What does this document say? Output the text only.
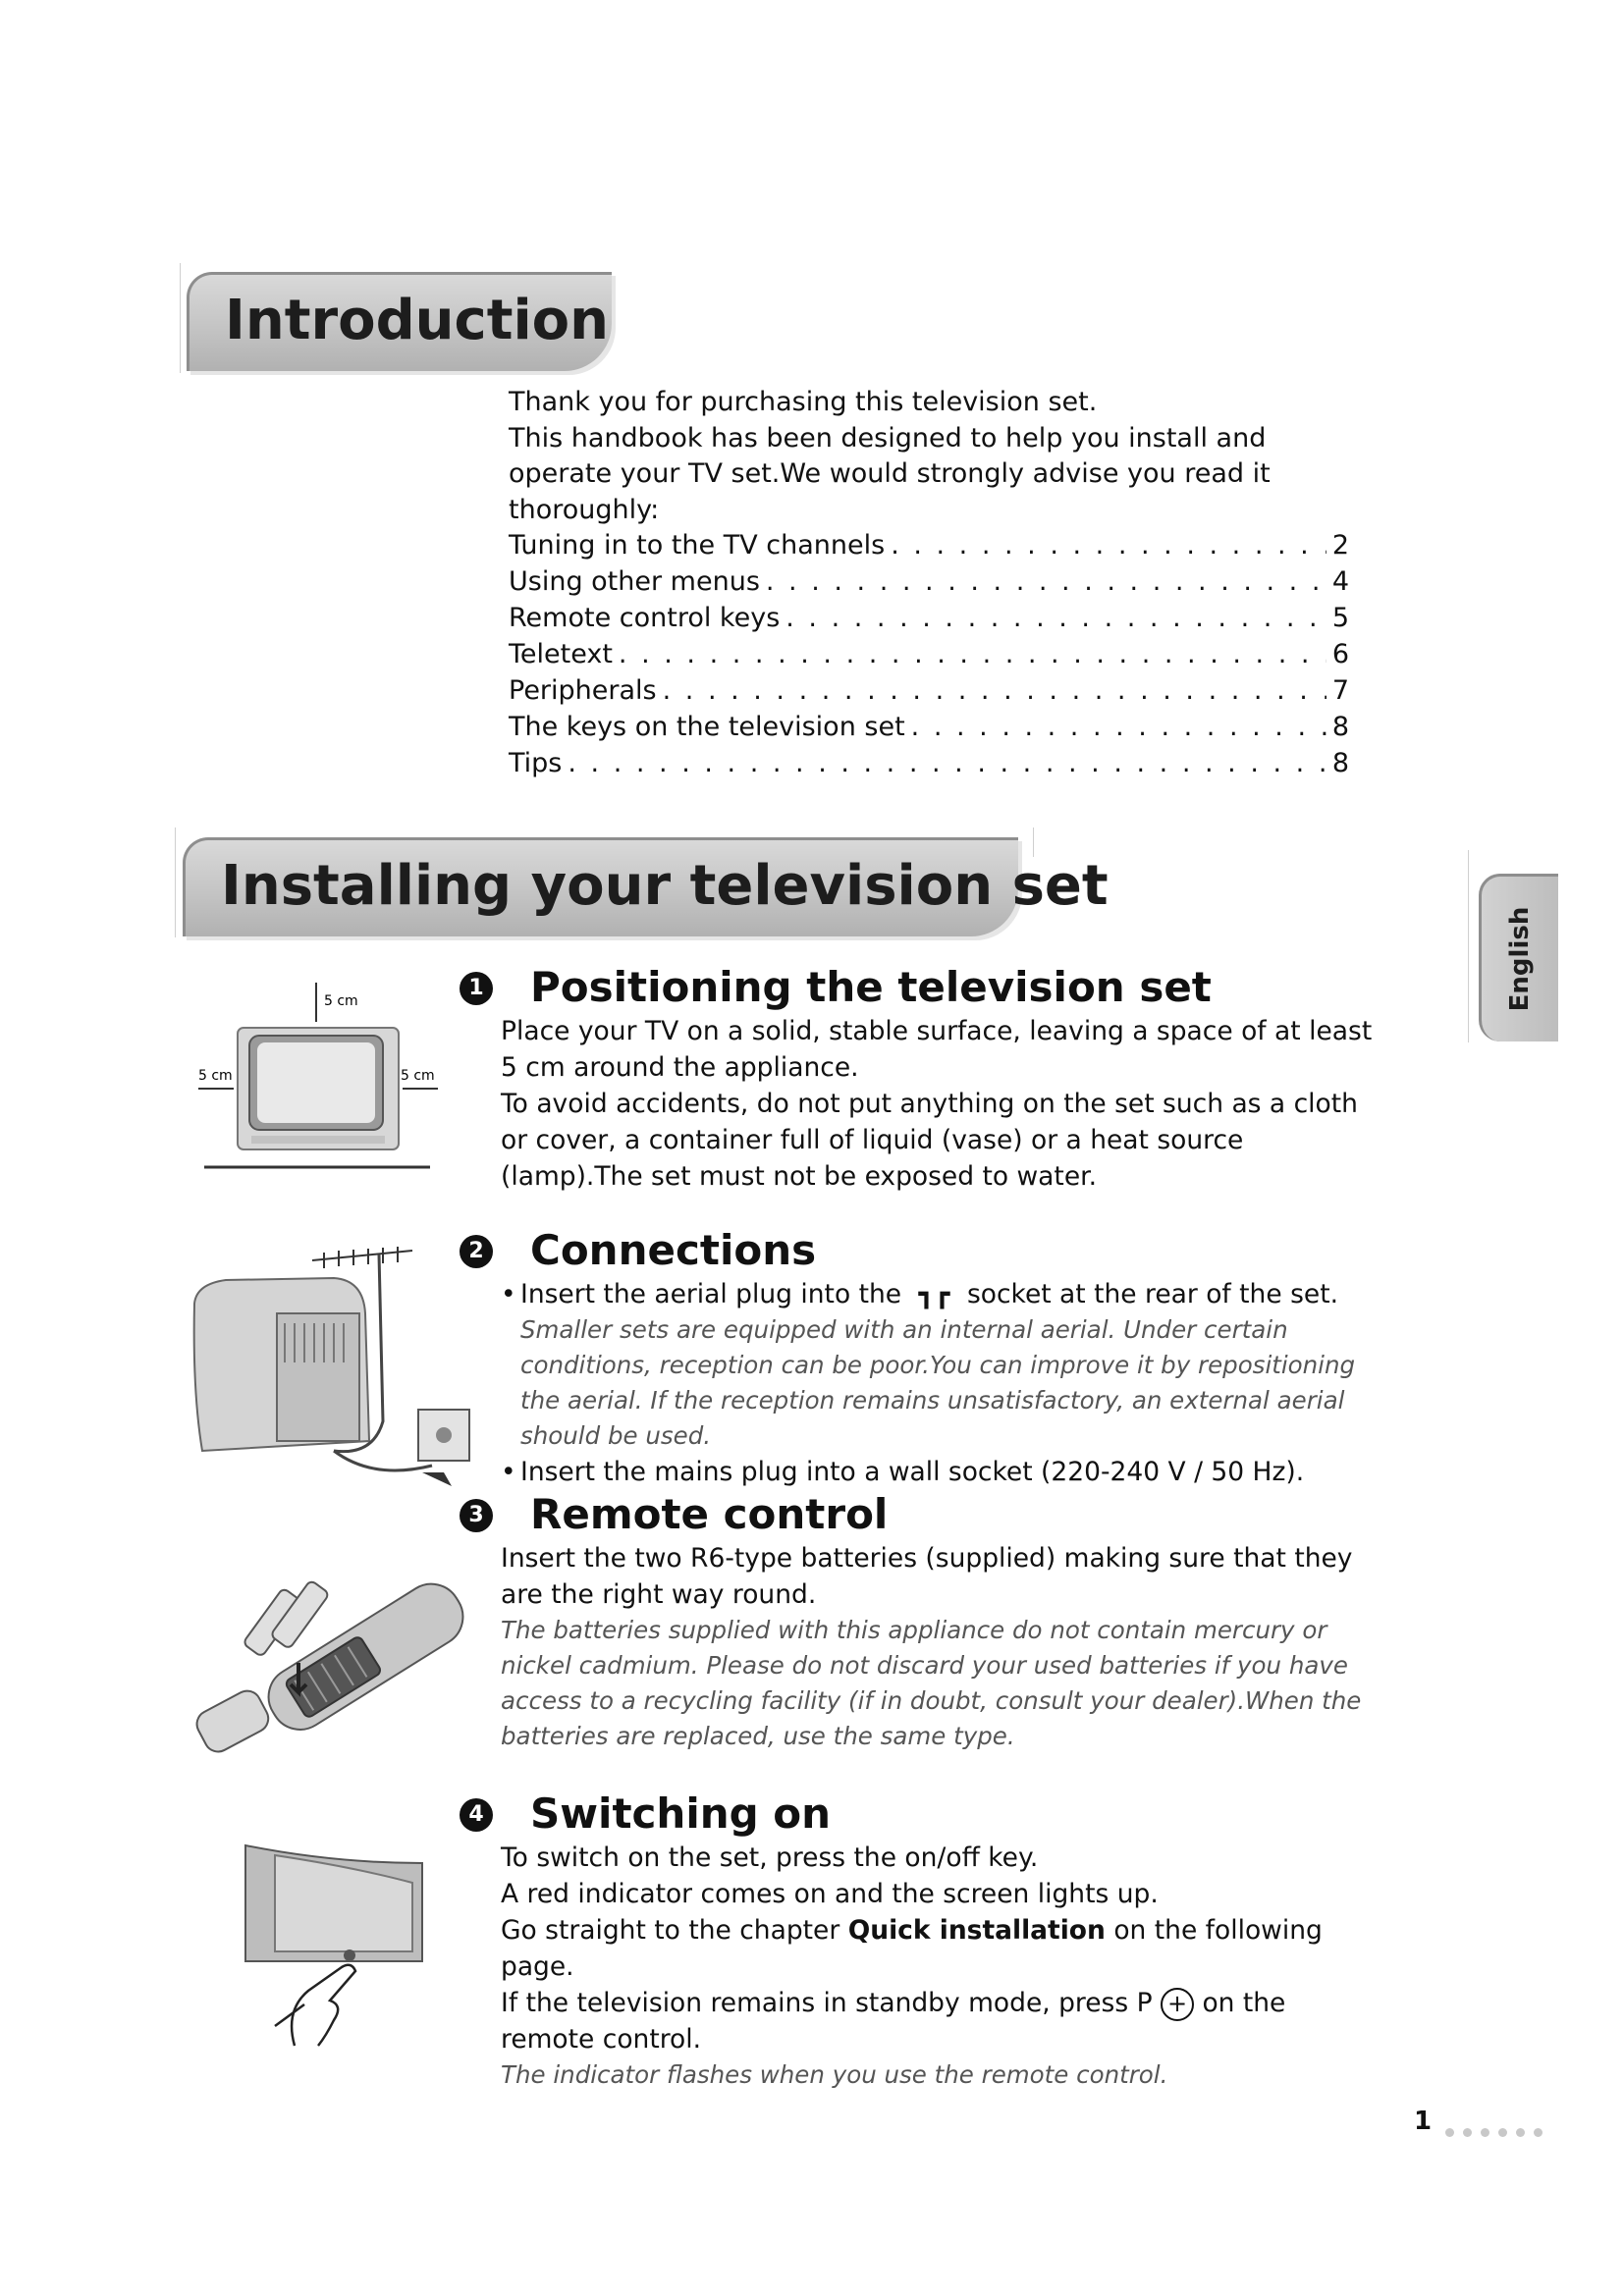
Introduction

Thank you for purchasing this television set.

This handbook has been designed to help you install and operate your TV set.We would strongly advise you read it thoroughly:

Tuning in to the TV channels . . .	2
Using other menus . . .	4
Remote control keys . . .	5
Teletext . . .	6
Peripherals . . .	7
The keys on the television set . . .	8
Tips . . .	8
Installing your television set
5 cm
5 cm	5 cm
1	Positioning the television set

Place your TV on a solid, stable surface, leaving a space of at least 5 cm around the appliance.

To avoid accidents, do not put anything on the set such as a cloth or cover, a container full of liquid (vase) or a heat source (lamp).The set must not be exposed to water.

2	Connections

• Insert the aerial plug into the ┓┏ socket at the rear of the set.

Smaller sets are equipped with an internal aerial. Under certain conditions, reception can be poor.You can improve it by repositioning the aerial. If the reception remains unsatisfactory, an external aerial should be used.

• Insert the mains plug into a wall socket (220-240 V / 50 Hz).

3	Remote control

Insert the two R6-type batteries (supplied) making sure that they are the right way round.

The batteries supplied with this appliance do not contain mercury or nickel cadmium. Please do not discard your used batteries if you have access to a recycling facility (if in doubt, consult your dealer).When the batteries are replaced, use the same type.

4	Switching on

To switch on the set, press the on/off key.

A red indicator comes on and the screen lights up.

Go straight to the chapter Quick installation on the following page.

If the television remains in standby mode, press P + on the remote control.

The indicator flashes when you use the remote control.

English
1
